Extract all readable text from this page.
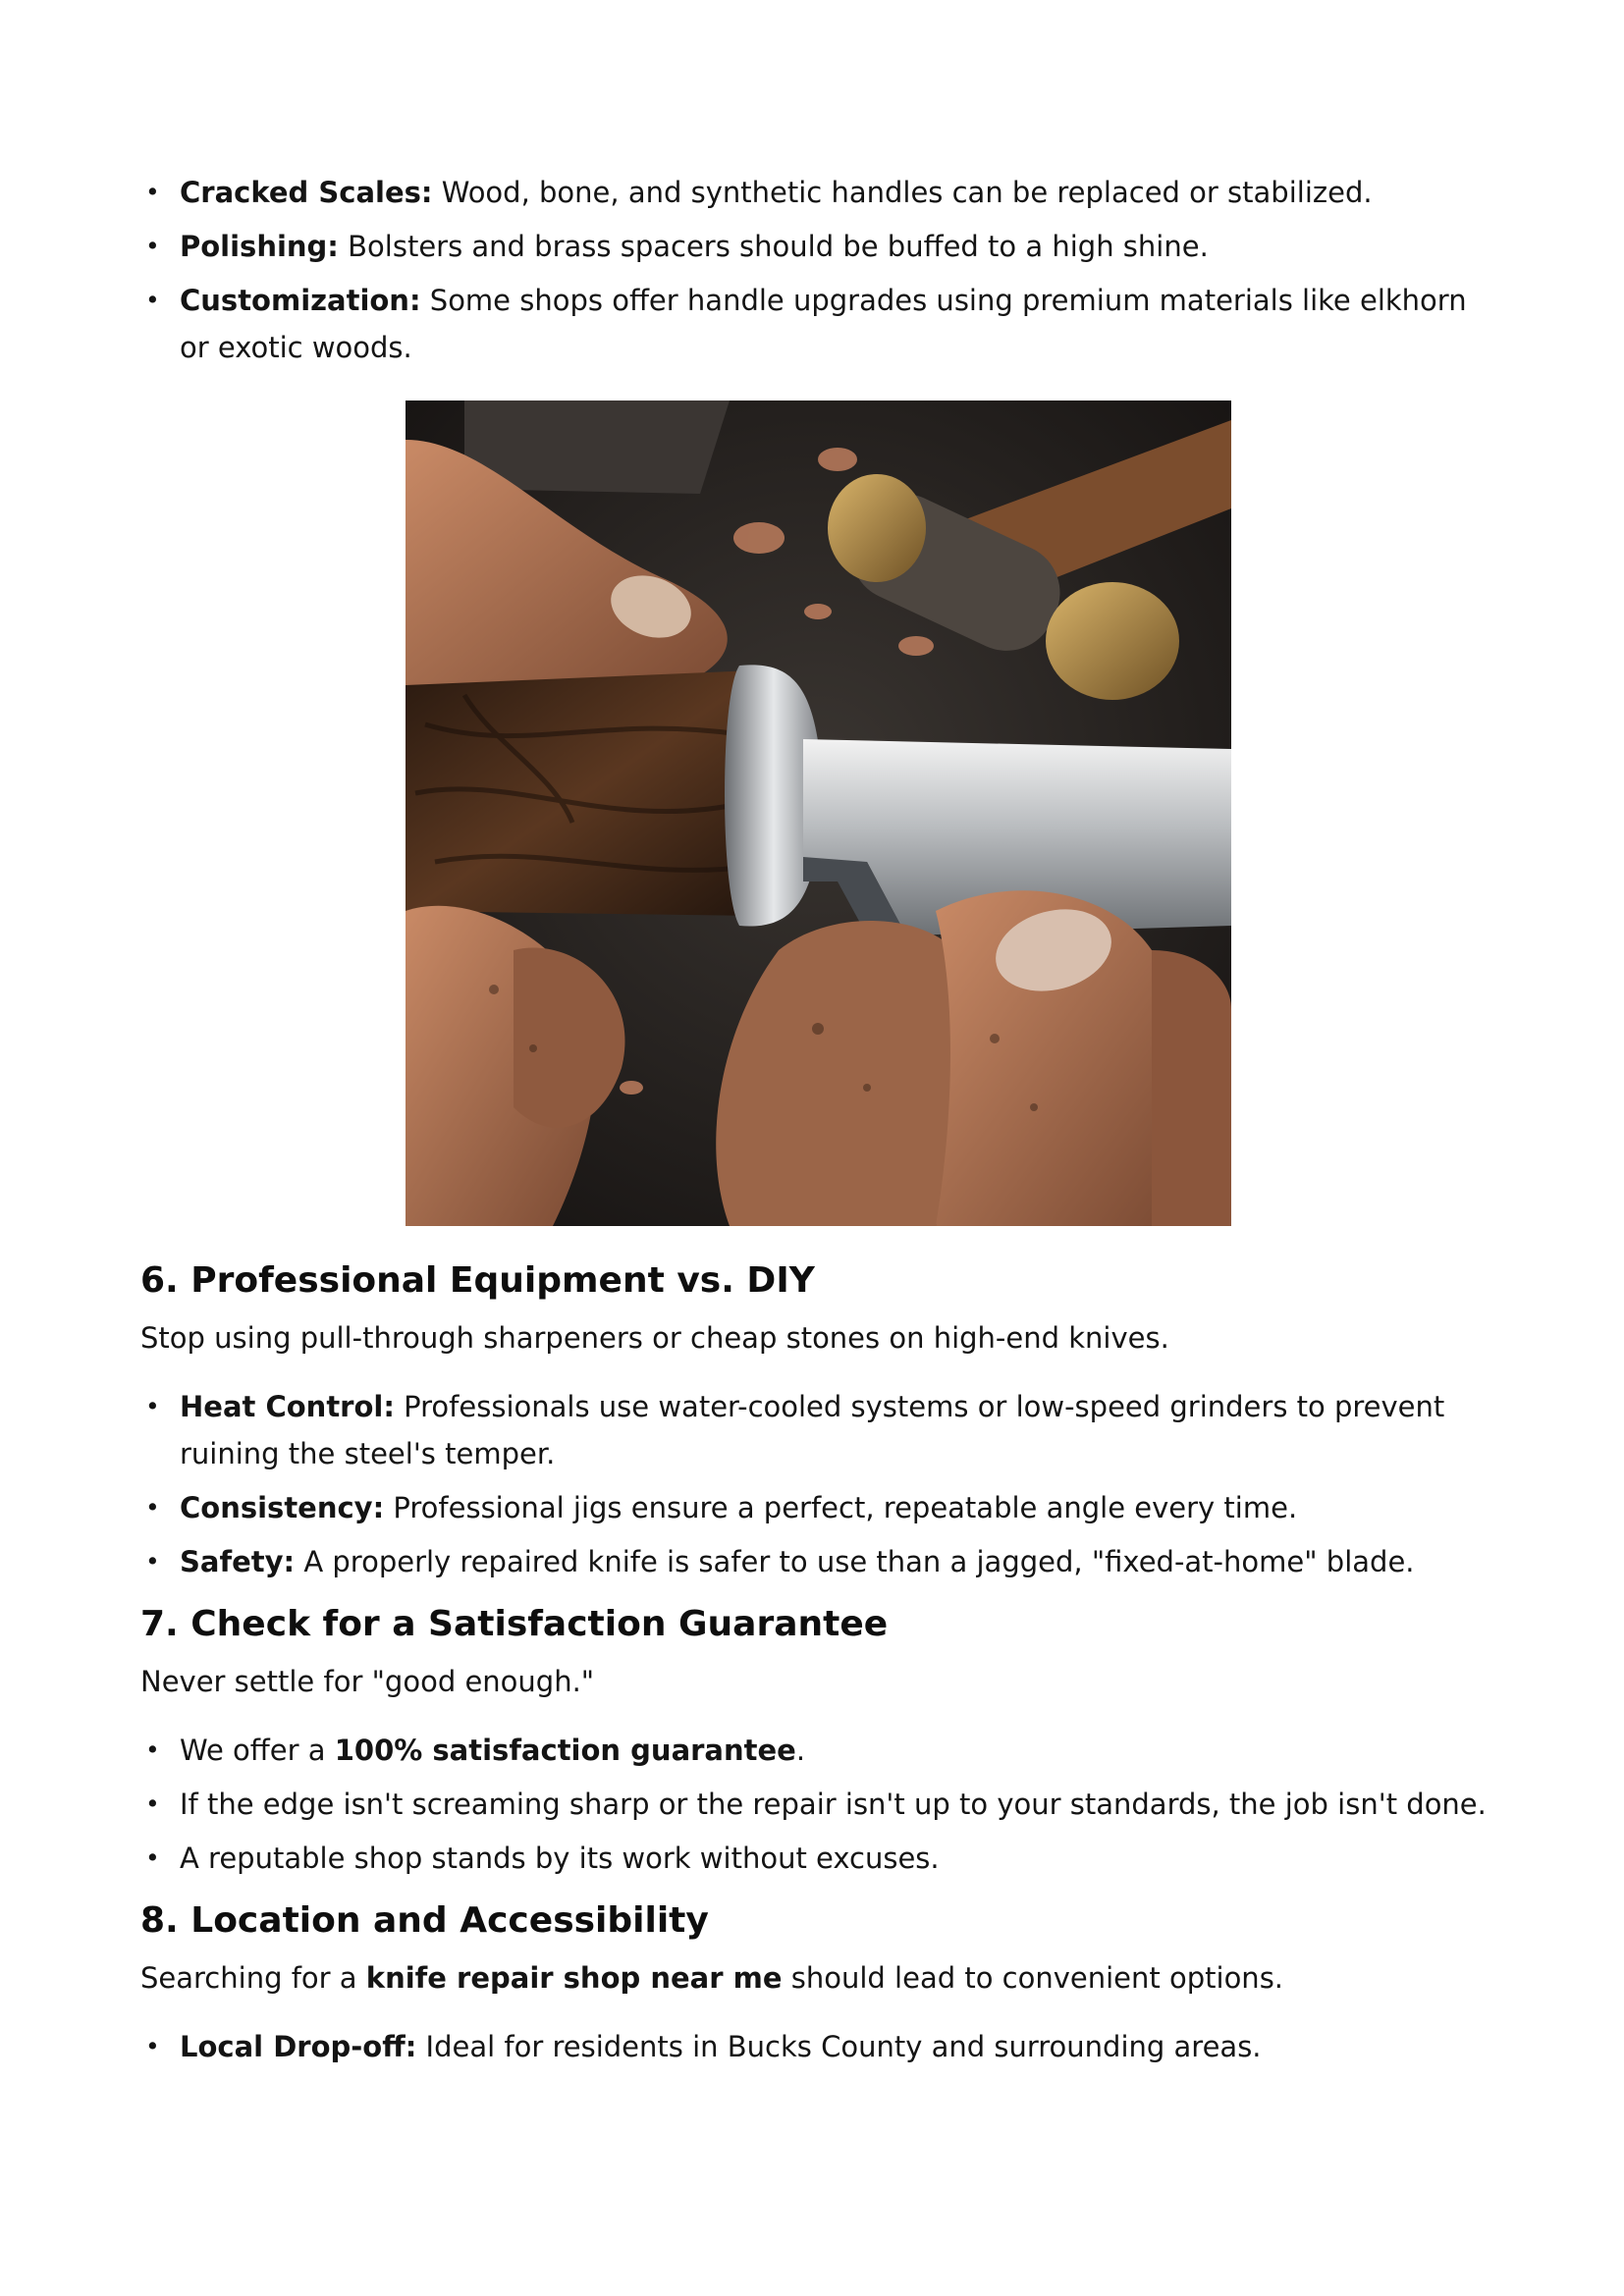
• Cracked Scales: Wood, bone, and synthetic handles can be replaced or stabilized.
• Polishing: Bolsters and brass spacers should be buffed to a high shine.
• Customization: Some shops offer handle upgrades using premium materials like elkhorn or exotic woods.
6. Professional Equipment vs. DIY

Stop using pull-through sharpeners or cheap stones on high-end knives.

• Heat Control: Professionals use water-cooled systems or low-speed grinders to prevent ruining the steel's temper.
• Consistency: Professional jigs ensure a perfect, repeatable angle every time.
• Safety: A properly repaired knife is safer to use than a jagged, "fixed-at-home" blade.
7. Check for a Satisfaction Guarantee

Never settle for "good enough."

• We offer a 100% satisfaction guarantee.
• If the edge isn't screaming sharp or the repair isn't up to your standards, the job isn't done.
• A reputable shop stands by its work without excuses.
8. Location and Accessibility

Searching for a knife repair shop near me should lead to convenient options.

• Local Drop-off: Ideal for residents in Bucks County and surrounding areas.
